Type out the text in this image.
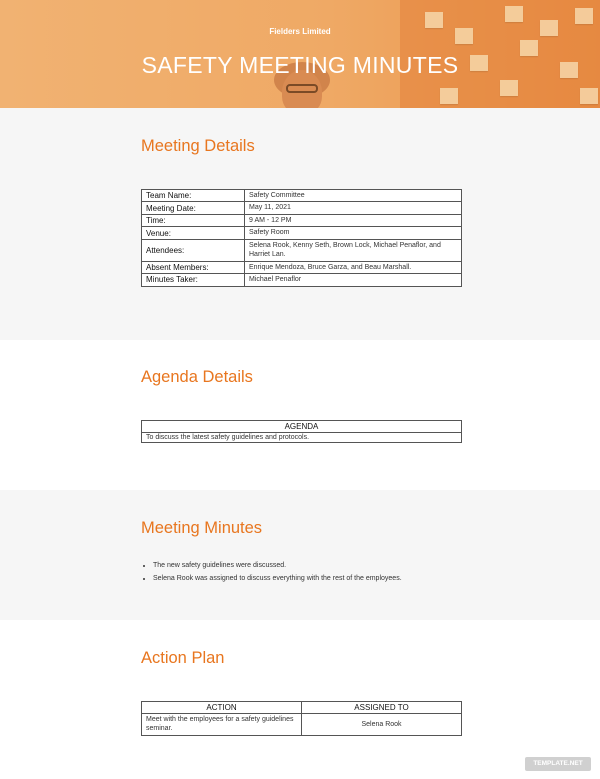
Fielders Limited
SAFETY MEETING MINUTES
Meeting Details
Team Name:	Safety Committee
Meeting Date:	May 11, 2021
Time:	9 AM - 12 PM
Venue:	Safety Room
Attendees:	Selena Rook, Kenny Seth, Brown Lock, Michael Penaflor, and Harriet Lan.
Absent Members:	Enrique Mendoza, Bruce Garza, and Beau Marshall.
Minutes Taker:	Michael Penaflor
Agenda Details
AGENDA
To discuss the latest safety guidelines and protocols.
Meeting Minutes
• The new safety guidelines were discussed.
• Selena Rook was assigned to discuss everything with the rest of the employees.
Action Plan
ACTION	ASSIGNED TO
Meet with the employees for a safety guidelines seminar.	Selena Rook
TEMPLATE.NET
